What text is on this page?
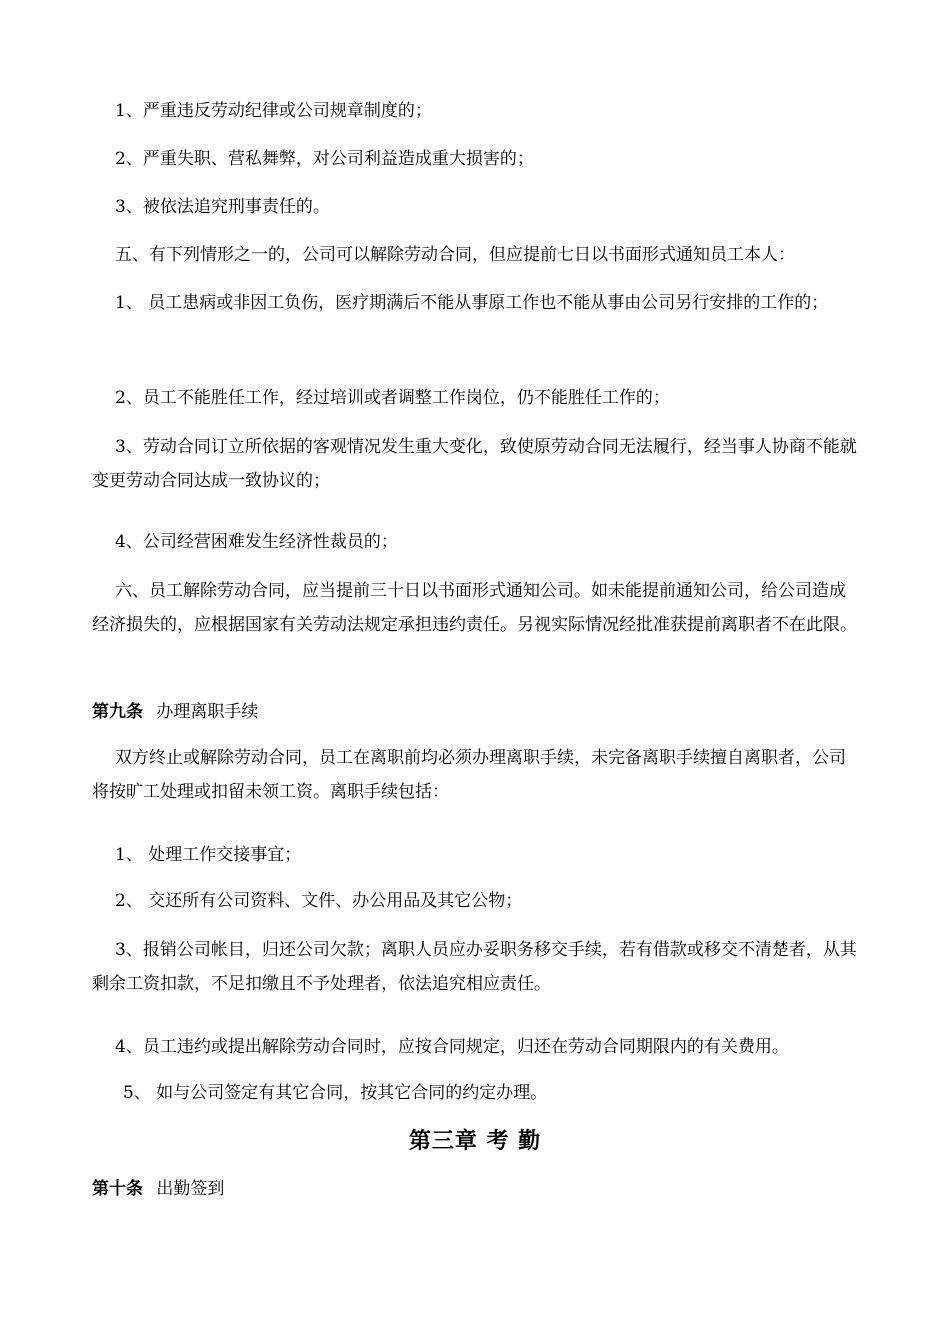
1、严重违反劳动纪律或公司规章制度的；
2、严重失职、营私舞弊，对公司利益造成重大损害的；
3、被依法追究刑事责任的。
五、有下列情形之一的，公司可以解除劳动合同，但应提前七日以书面形式通知员工本人：
1、 员工患病或非因工负伤，医疗期满后不能从事原工作也不能从事由公司另行安排的工作的；
2、员工不能胜任工作，经过培训或者调整工作岗位，仍不能胜任工作的；
3、劳动合同订立所依据的客观情况发生重大变化，致使原劳动合同无法履行，经当事人协商不能就变更劳动合同达成一致协议的；
4、公司经营困难发生经济性裁员的；
六、员工解除劳动合同，应当提前三十日以书面形式通知公司。如未能提前通知公司，给公司造成经济损失的，应根据国家有关劳动法规定承担违约责任。另视实际情况经批准获提前离职者不在此限。
第九条 办理离职手续
双方终止或解除劳动合同，员工在离职前均必须办理离职手续，未完备离职手续擅自离职者，公司将按旷工处理或扣留未领工资。离职手续包括：
1、 处理工作交接事宜；
2、 交还所有公司资料、文件、办公用品及其它公物；
3、报销公司帐目，归还公司欠款；离职人员应办妥职务移交手续，若有借款或移交不清楚者，从其剩余工资扣款，不足扣缴且不予处理者，依法追究相应责任。
4、员工违约或提出解除劳动合同时，应按合同规定，归还在劳动合同期限内的有关费用。
5、 如与公司签定有其它合同，按其它合同的约定办理。
第三章 考 勤
第十条 出勤签到
